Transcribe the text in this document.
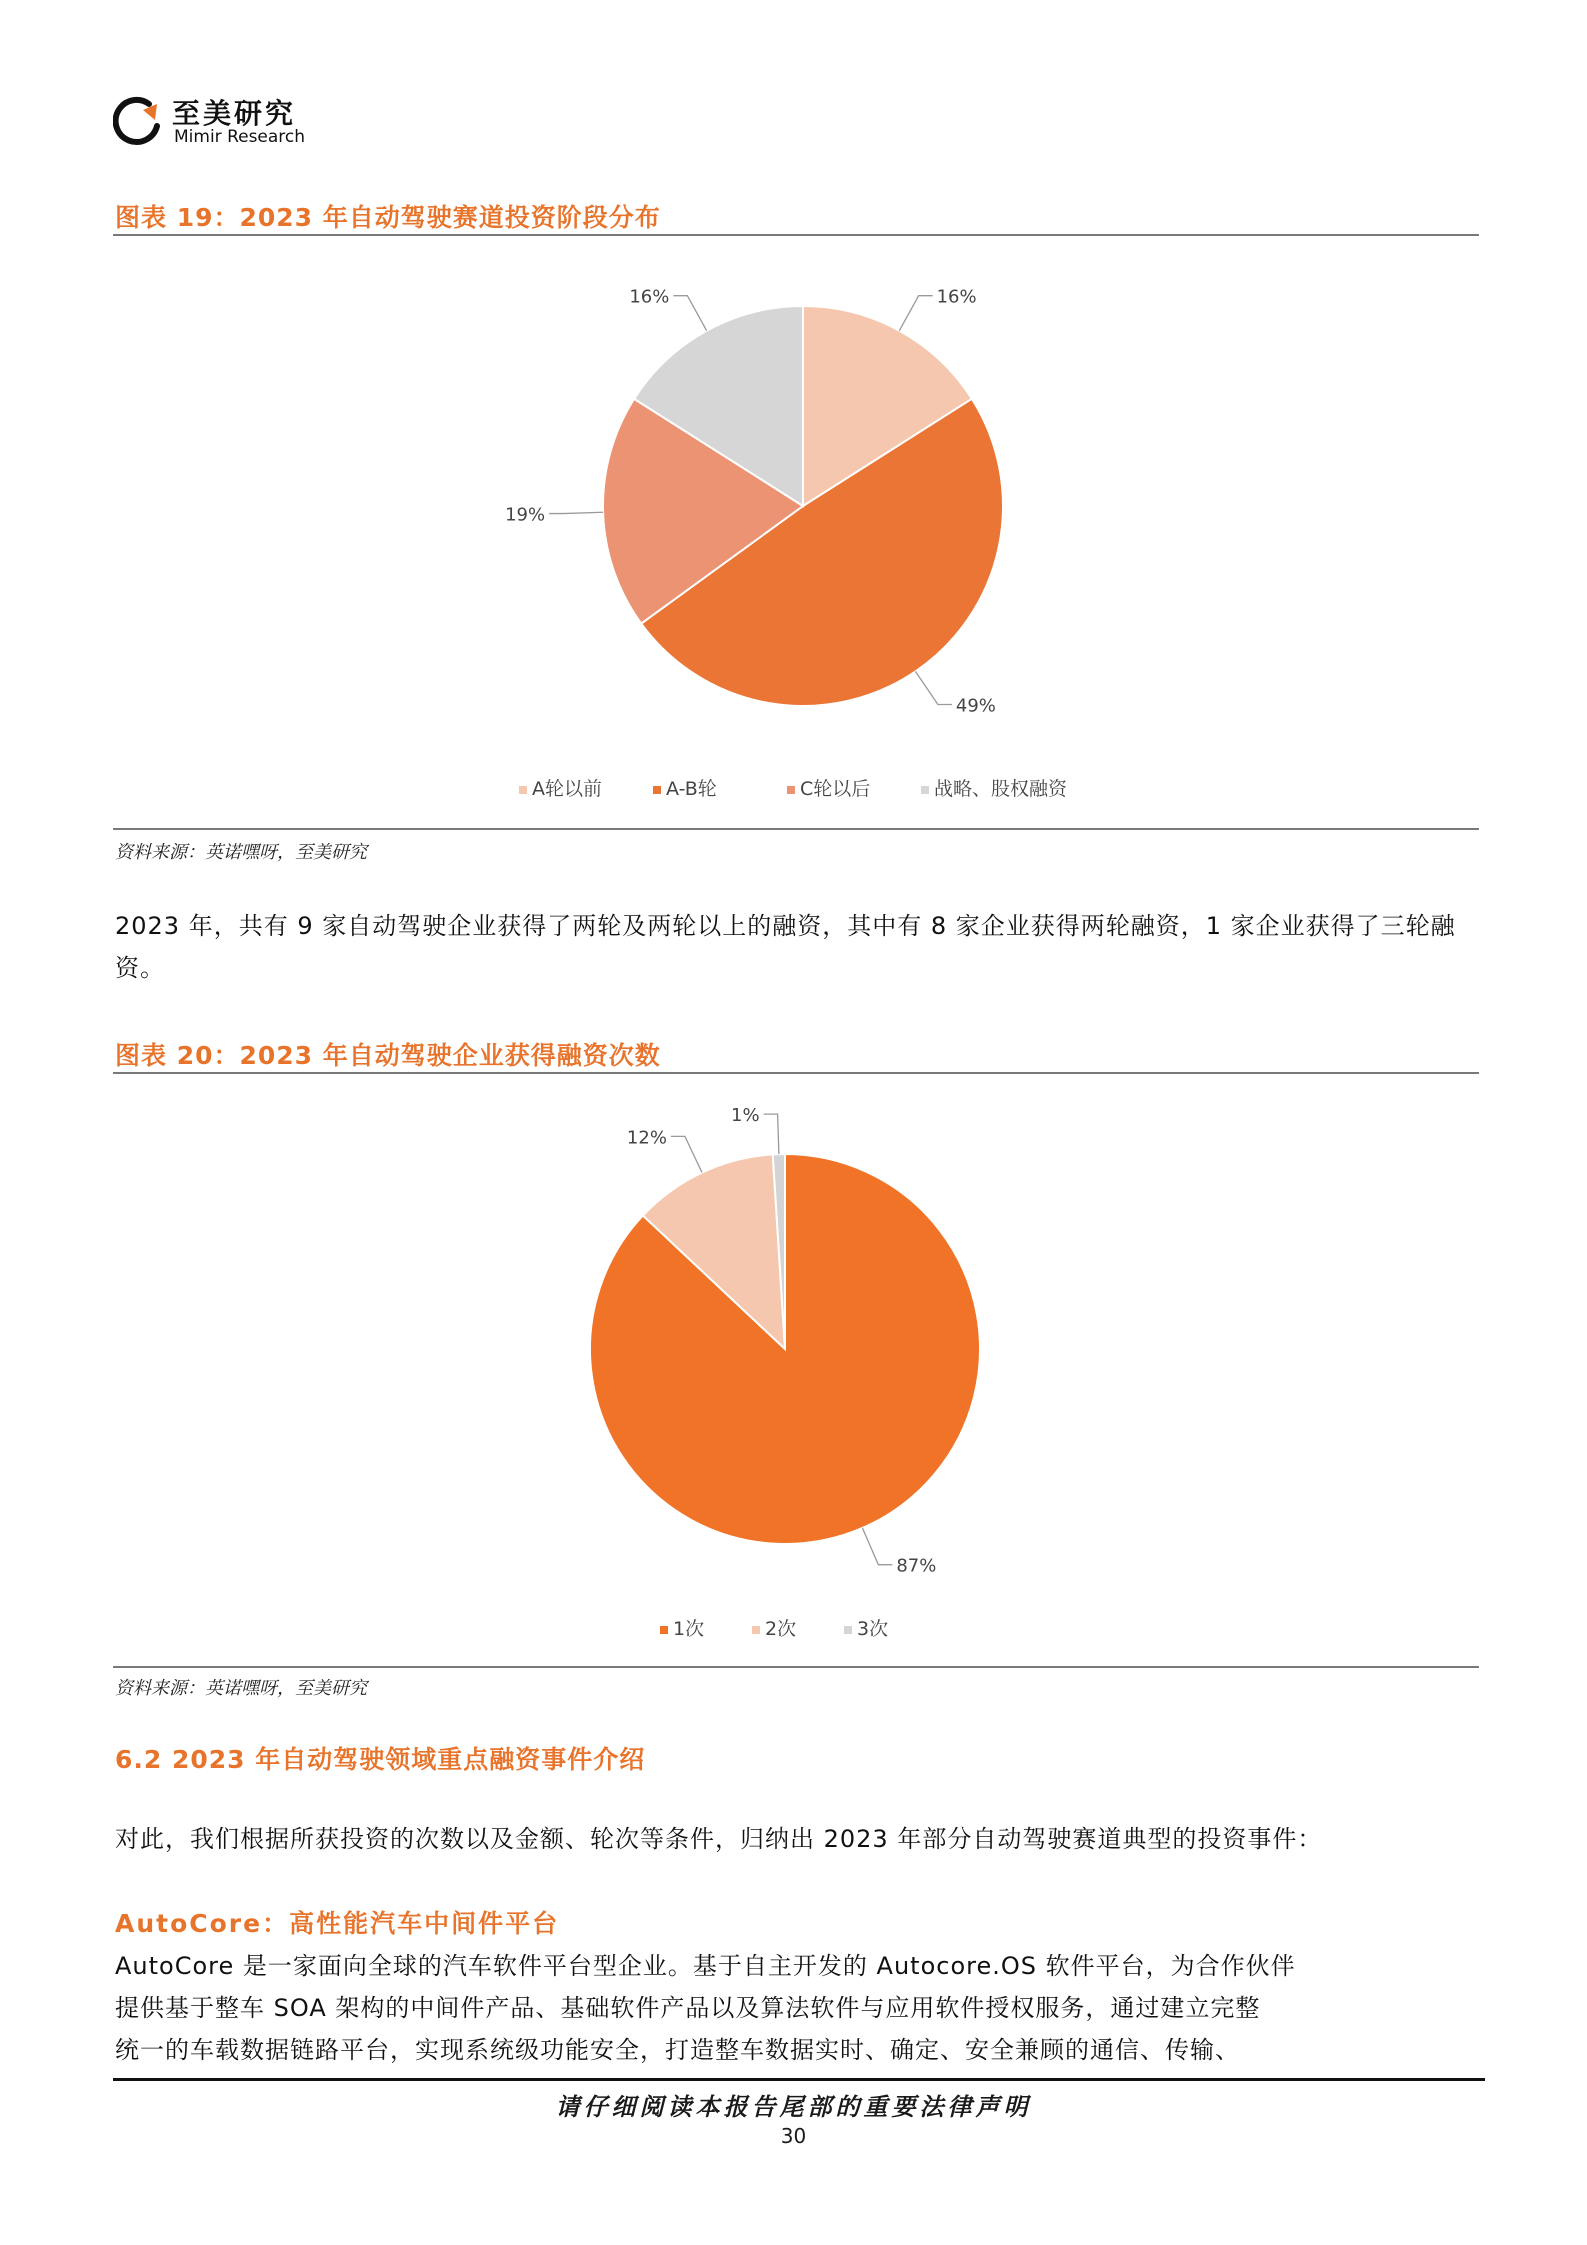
至美研究
Mimir Research
图表 19：2023 年自动驾驶赛道投资阶段分布
16%
49%
19%
16%
A轮以前	A-B轮	C轮以后	战略、股权融资
资料来源：英诺嘿呀，至美研究
2023 年，共有 9 家自动驾驶企业获得了两轮及两轮以上的融资，其中有 8 家企业获得两轮融资，1 家企业获得了三轮融资。
图表 20：2023 年自动驾驶企业获得融资次数
87%
12%
1%
1次	2次	3次
资料来源：英诺嘿呀，至美研究
6.2 2023 年自动驾驶领域重点融资事件介绍
对此，我们根据所获投资的次数以及金额、轮次等条件，归纳出 2023 年部分自动驾驶赛道典型的投资事件：
AutoCore：高性能汽车中间件平台
AutoCore 是一家面向全球的汽车软件平台型企业。基于自主开发的 Autocore.OS 软件平台，为合作伙伴
提供基于整车 SOA 架构的中间件产品、基础软件产品以及算法软件与应用软件授权服务，通过建立完整
统一的车载数据链路平台，实现系统级功能安全，打造整车数据实时、确定、安全兼顾的通信、传输、
请仔细阅读本报告尾部的重要法律声明
30
